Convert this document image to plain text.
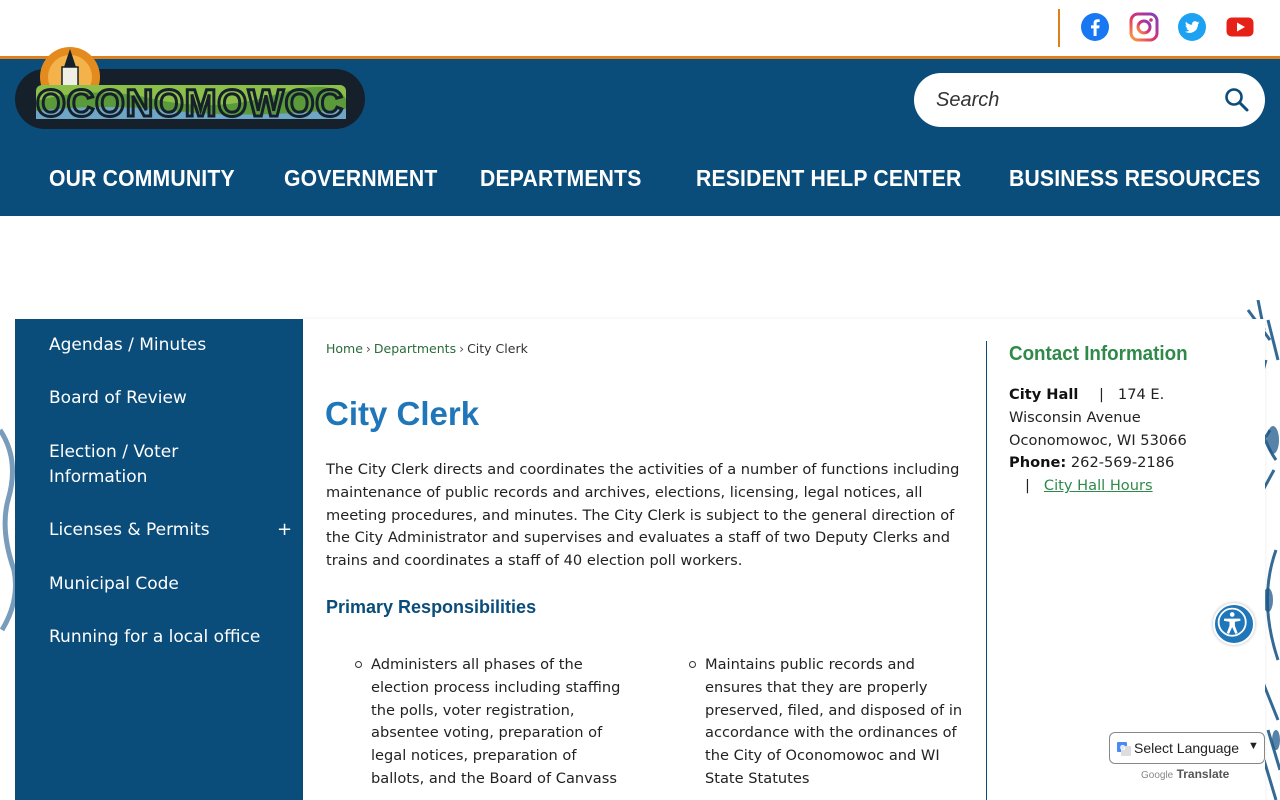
OCONOMOWOC
Search
OUR COMMUNITY GOVERNMENT DEPARTMENTS RESIDENT HELP CENTER BUSINESS RESOURCES
Agendas / Minutes
Board of Review
Election / Voter
Information
Licenses & Permits	+
Municipal Code
Running for a local office
Home › Departments › City Clerk
City Clerk

The City Clerk directs and coordinates the activities of a number of functions including maintenance of public records and archives, elections, licensing, legal notices, all meeting procedures, and minutes. The City Clerk is subject to the general direction of the City Administrator and supervises and evaluates a staff of two Deputy Clerks and trains and coordinates a staff of 40 election poll workers.

Primary Responsibilities
Administers all phases of the election process including staffing the polls, voter registration, absentee voting, preparation of legal notices, preparation of ballots, and the Board of Canvass
Maintains public records and ensures that they are properly preserved, filed, and disposed of in accordance with the ordinances of the City of Oconomowoc and WI State Statutes
Contact Information
City Hall | 174 E. Wisconsin Avenue
Oconomowoc, WI 53066
Phone: 262-569-2186 | City Hall Hours
G Select Language ▼
Google Translate
